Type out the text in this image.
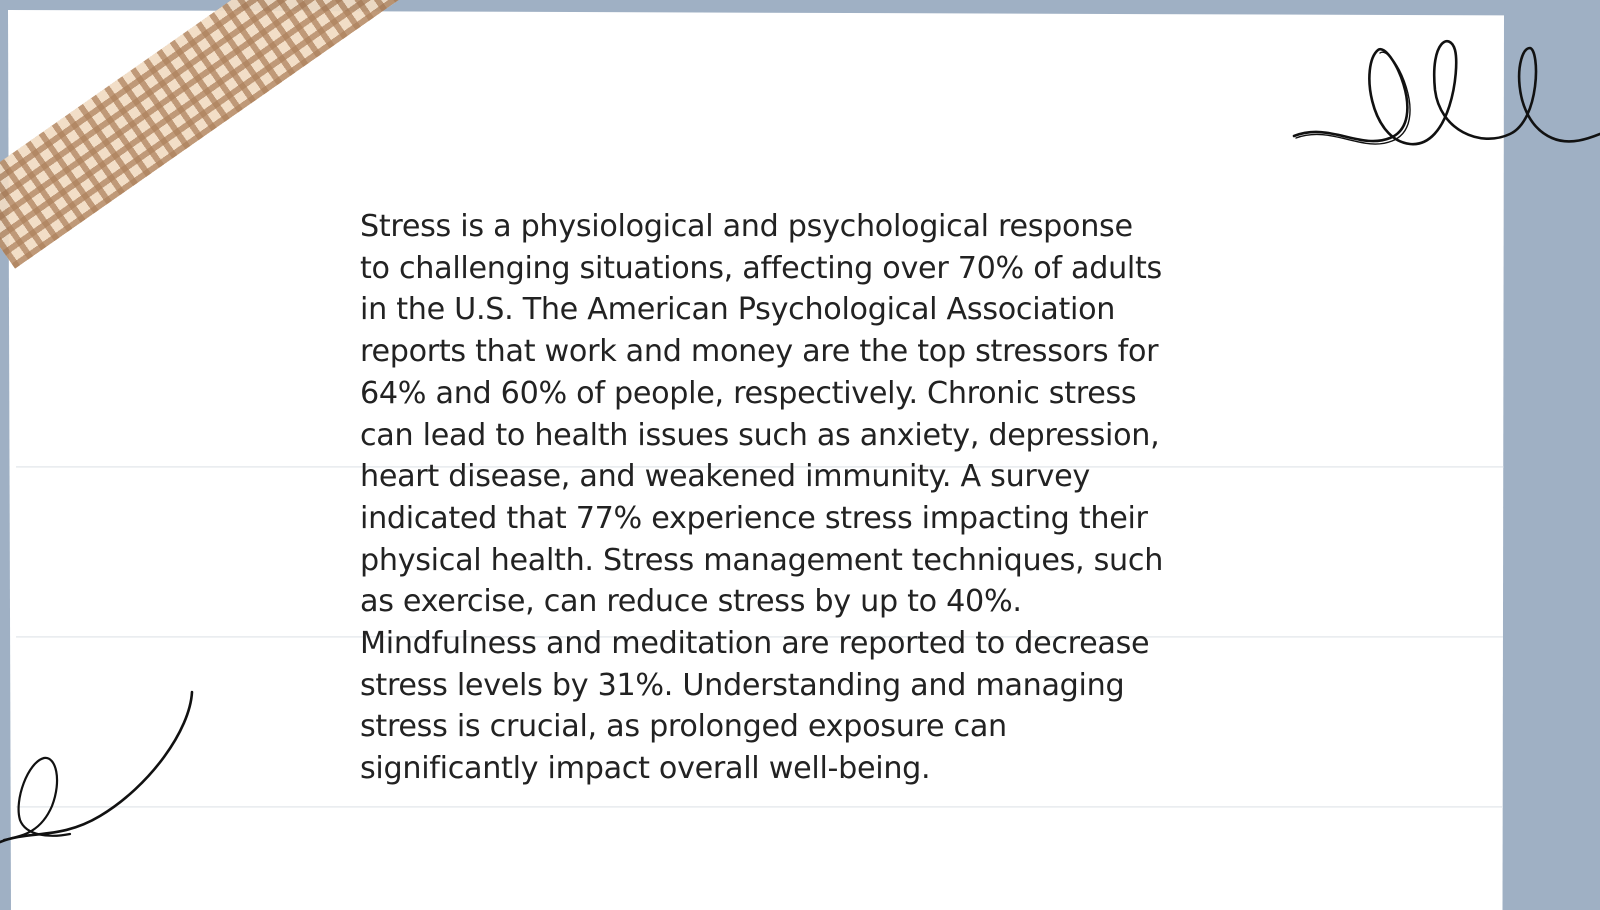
Stress is a physiological and psychological response
to challenging situations, affecting over 70% of adults
in the U.S. The American Psychological Association
reports that work and money are the top stressors for
64% and 60% of people, respectively. Chronic stress
can lead to health issues such as anxiety, depression,
heart disease, and weakened immunity. A survey
indicated that 77% experience stress impacting their
physical health. Stress management techniques, such
as exercise, can reduce stress by up to 40%.
Mindfulness and meditation are reported to decrease
stress levels by 31%. Understanding and managing
stress is crucial, as prolonged exposure can
significantly impact overall well-being.
